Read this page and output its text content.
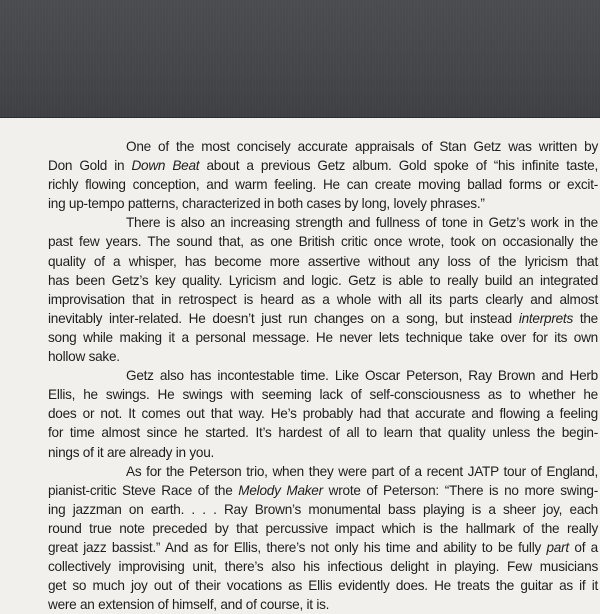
One of the most concisely accurate appraisals of Stan Getz was written by
Don Gold in Down Beat about a previous Getz album. Gold spoke of “his infinite taste,
richly flowing conception, and warm feeling. He can create moving ballad forms or excit-
ing up-tempo patterns, characterized in both cases by long, lovely phrases.”
There is also an increasing strength and fullness of tone in Getz’s work in the
past few years. The sound that, as one British critic once wrote, took on occasionally the
quality of a whisper, has become more assertive without any loss of the lyricism that
has been Getz’s key quality. Lyricism and logic. Getz is able to really build an integrated
improvisation that in retrospect is heard as a whole with all its parts clearly and almost
inevitably inter-related. He doesn’t just run changes on a song, but instead interprets the
song while making it a personal message. He never lets technique take over for its own
hollow sake.
Getz also has incontestable time. Like Oscar Peterson, Ray Brown and Herb
Ellis, he swings. He swings with seeming lack of self-consciousness as to whether he
does or not. It comes out that way. He’s probably had that accurate and flowing a feeling
for time almost since he started. It’s hardest of all to learn that quality unless the begin-
nings of it are already in you.
As for the Peterson trio, when they were part of a recent JATP tour of England,
pianist-critic Steve Race of the Melody Maker wrote of Peterson: “There is no more swing-
ing jazzman on earth. . . . Ray Brown’s monumental bass playing is a sheer joy, each
round true note preceded by that percussive impact which is the hallmark of the really
great jazz bassist.” And as for Ellis, there’s not only his time and ability to be fully part of a
collectively improvising unit, there’s also his infectious delight in playing. Few musicians
get so much joy out of their vocations as Ellis evidently does. He treats the guitar as if it
were an extension of himself, and of course, it is.
